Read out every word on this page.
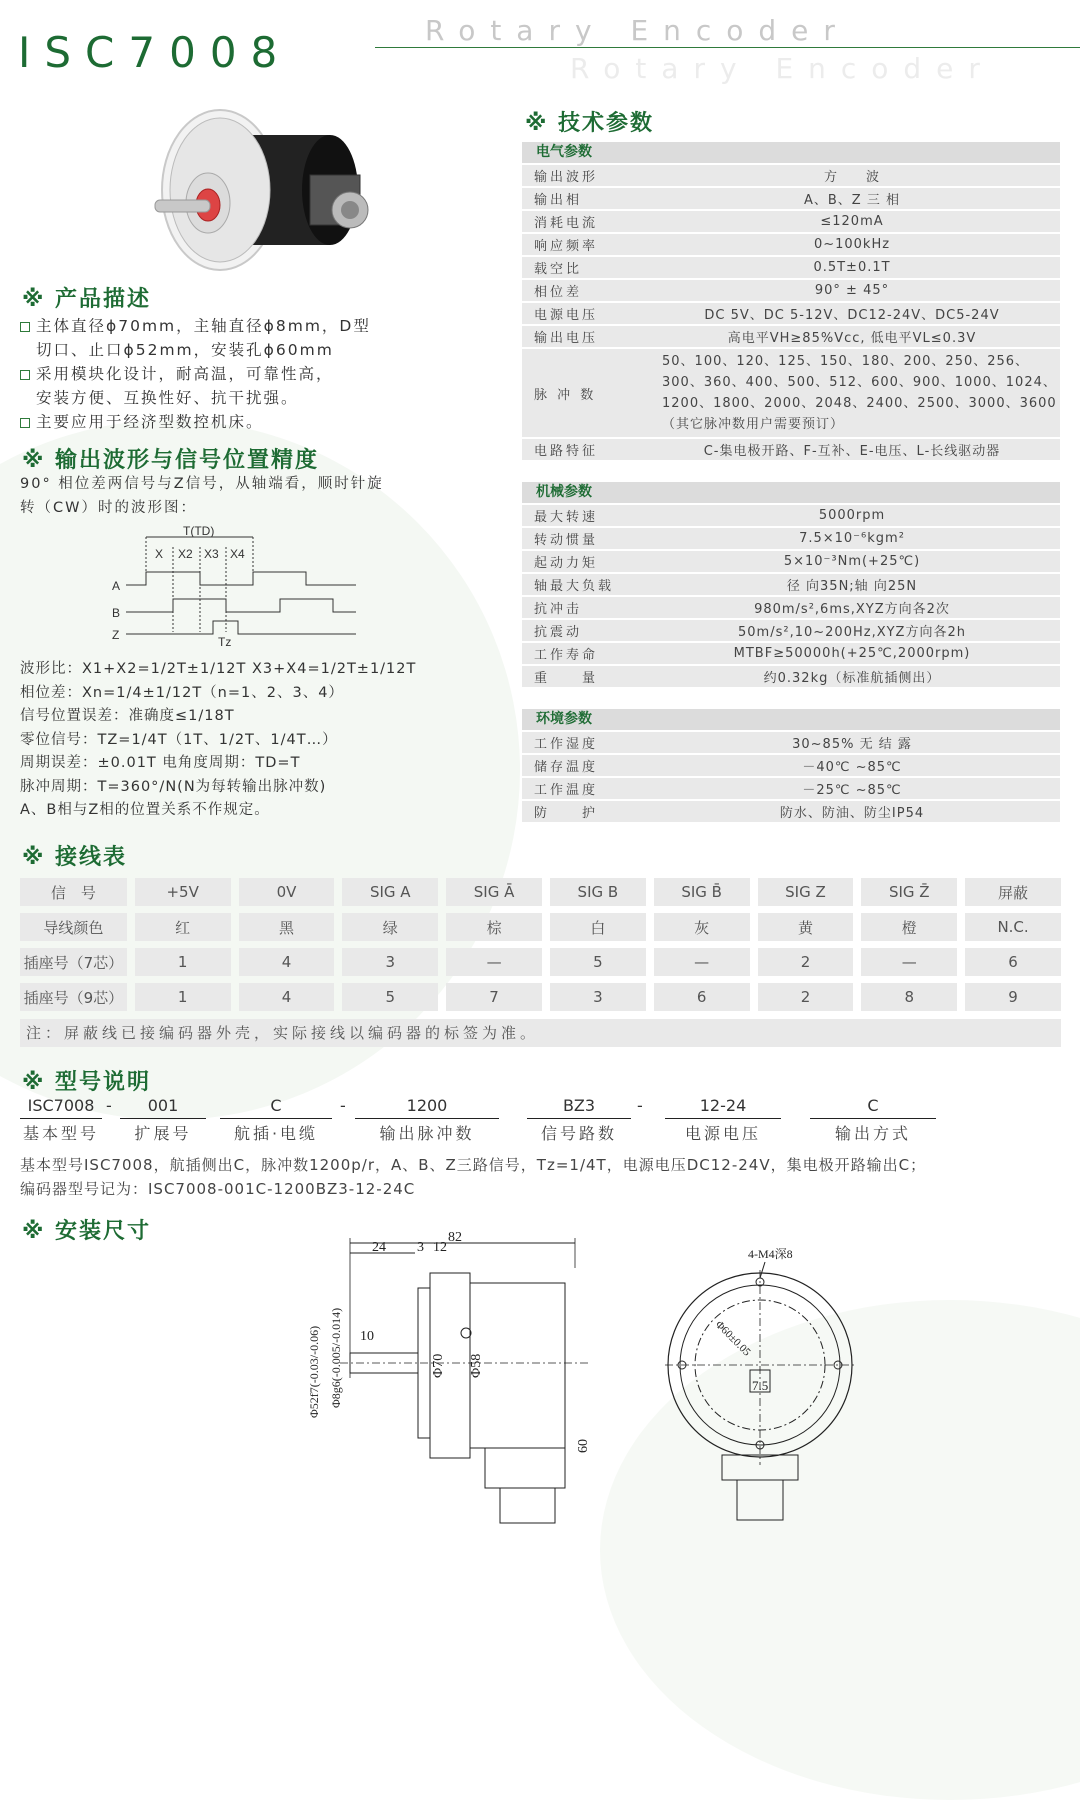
ISC7008	Rotary Encoder
Rotary Encoder
※ 产品描述
主体直径ϕ70mm，主轴直径ϕ8mm，D型
切口、止口ϕ52mm，安装孔ϕ60mm
采用模块化设计，耐高温，可靠性高，
安装方便、互换性好、抗干扰强。
主要应用于经济型数控机床。
※ 输出波形与信号位置精度
90° 相位差两信号与Z信号，从轴端看，顺时针旋
转（CW）时的波形图：
T(TD)
X X2 X3 X4
A
B
Z	Tz
波形比：X1+X2=1/2T±1/12T X3+X4=1/2T±1/12T
相位差：Xn=1/4±1/12T（n=1、2、3、4）
信号位置误差：准确度≤1/18T
零位信号：TZ=1/4T（1T、1/2T、1/4T…）
周期误差：±0.01T 电角度周期：TD=T
脉冲周期：T=360°/N(N为每转输出脉冲数)
A、B相与Z相的位置关系不作规定。
※ 技术参数
电气参数
输出波形	方　　波
输出相	A、B、Z 三 相
消耗电流	≤120mA
响应频率	0~100kHz
载空比	0.5T±0.1T
相位差	90° ± 45°
电源电压	DC 5V、DC 5-12V、DC12-24V、DC5-24V
输出电压	高电平VH≥85%Vcc, 低电平VL≤0.3V
脉 冲 数
50、100、120、125、150、180、200、250、256、
300、360、400、500、512、600、900、1000、1024、
1200、1800、2000、2048、2400、2500、3000、3600
（其它脉冲数用户需要预订）
电路特征	C-集电极开路、F-互补、E-电压、L-长线驱动器
机械参数
最大转速	5000rpm
转动惯量	7.5×10⁻⁶kgm²
起动力矩	5×10⁻³Nm(+25℃)
轴最大负载	径 向35N;轴 向25N
抗冲击	980m/s²,6ms,XYZ方向各2次
抗震动	50m/s²,10~200Hz,XYZ方向各2h
工作寿命	MTBF≥50000h(+25℃,2000rpm)
重　　量	约0.32kg（标准航插侧出）
环境参数
工作湿度	30~85% 无 结 露
储存温度	－40℃ ~85℃
工作温度	－25℃ ~85℃
防　　护	防水、防油、防尘IP54
※ 接线表
信　号	+5V	0V	SIG A	SIG Ā	SIG B	SIG B̄	SIG Z	SIG Z̄	屏蔽
导线颜色	红	黑	绿	棕	白	灰	黄	橙	N.C.
插座号（7芯）	1	4	3	—	5	—	2	—	6
插座号（9芯）	1	4	5	7	3	6	2	8	9
注：屏蔽线已接编码器外壳，实际接线以编码器的标签为准。
※ 型号说明
ISC7008 -	001	C	-	1200	BZ3	-	12-24	C
基本型号	扩展号	航插·电缆	输出脉冲数	信号路数	电源电压	输出方式
基本型号ISC7008，航插侧出C，脉冲数1200p/r，A、B、Z三路信号，Tz=1/4T，电源电压DC12-24V，集电极开路输出C；
编码器型号记为：ISC7008-001C-1200BZ3-12-24C
※ 安装尺寸	82
24 3 12
10
Φ52f7(-0.03/-0.06) Φ8g6(-0.005/-0.014)	Φ70 Φ58
60
4-M4深8
Φ60±0.05
7.5
